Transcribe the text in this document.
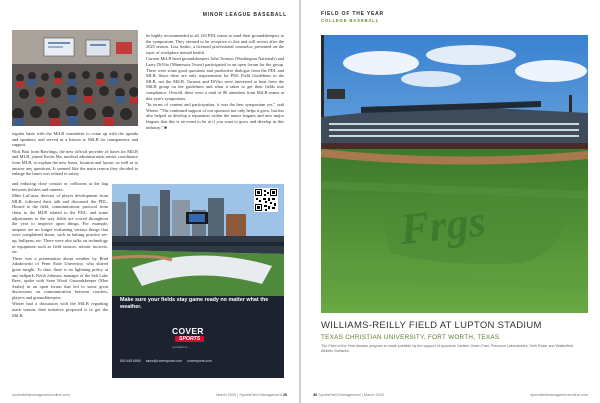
MINOR LEAGUE BASEBALL

regular basis with the MiLB committee to come up with the agenda and speakers, and served as a liaison to MiLB for transparency and support.

Nick Batt from Rawlings, the new official provider of bases for MiLB and MLB, joined Kevin Ma, medical administration senior coordinator from MLB, to explain the new bases, location and layout, as well as to answer any questions. It seemed like the main reason they decided to enlarge the bases was related to safety

and reducing close contact or collisions at the bag between fielders and runners.

Mike LaCassa, director of player development from MLB, followed their talk and discussed the PDL, Hosted to the field, communication, protocol from clubs to the MLB related to the PDL, and some adjustments to the way fields are scored throughout the year to improve upon things. For example, umpires are no longer evaluating various things that were complained about, such as batting practice set-up, bullpens, etc. There were also talks on technology in equipment such as field sensors, robotic mowers, etc.

There was a presentation about weather by Brad Jakubowski of Penn State University, who shared great insight. To date, there is no lightning policy at any ballpark. Keith Johnson, manager of the Salt Lake Bees, spoke with Sean Wood Groundskeeper (Moe Szabo) in an open forum that led to some great discussions on communication between coaches, players and groundskeepers.

Winter had a discussion with the MiLB regarding mark season, then initiative proposed is to get the MiLB

be highly recommended to all 120 PDL teams to send their groundskeepers to the symposium. They seemed to be receptive to this and will revisit after the 2025 season. Liza Szabo, a licensed professional counselor, presented on the topic of workplace mental health.

Current MiLB head groundskeepers John Turnout (Washington Nationals) and Larry DiVito (Minnesota Twins) participated in an open forum for the group. There were some good questions and productive dialogue from the PDL and MLB. Since there are only requirements for PDL Field Guidelines in the MLB, not the MiLB, Turnout and DiVito were interested to hear from the MiLB group on the guidelines and what it takes to get their fields into compliance. Overall, there were a total of 80 attendees from MiLB teams at this year's symposium.

"In terms of content and participation, it was the best symposium yet," said Winter. "The continued support of our sponsors not only helps it grow, but has also helped us develop a reputation within the minor leagues and new major leagues that this is an event to be at if you want to grow and develop in this industry." ■

Make sure your fields stay game ready no matter what the weather.
COVER
SPORTS
a product of ...
800.445.6680 sales@coversports.com coversports.com
sportsfieldmanagementonline.com	March 2025 | SportsField Management 29
FIELD OF THE YEAR
COLLEGE BASEBALL
Frgs
WILLIAMS-REILLY FIELD AT LUPTON STADIUM
TEXAS CHRISTIAN UNIVERSITY, FORT WORTH, TEXAS
The Field of the Year Awards program is made possible by the support of sponsors Carlisle Green Fast, Precision Laboratories, Seth Rowe and Watterfield Athletic Surfaces.
30 SportsField Management | March 2025	sportsfieldmanagementonline.com
